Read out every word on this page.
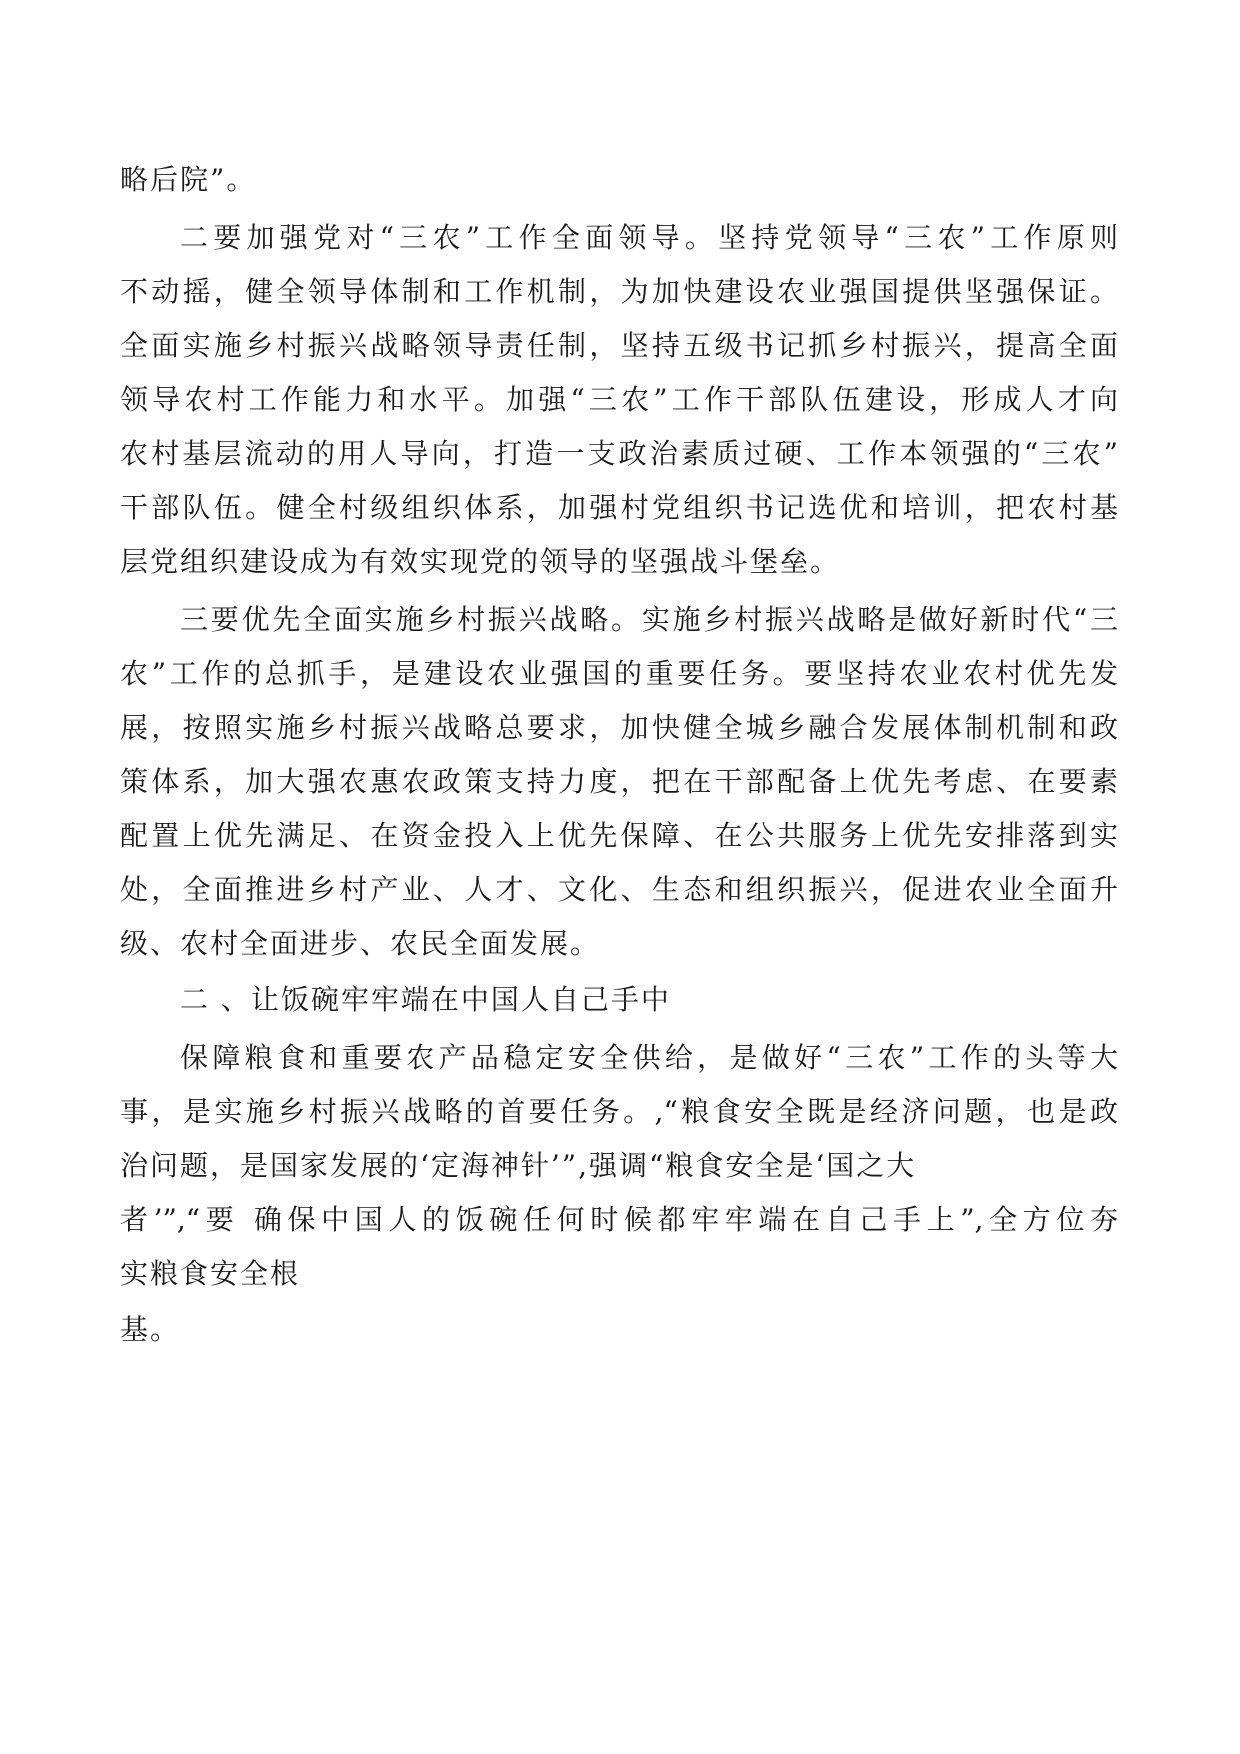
略后院”。
二要加强党对“三农”工作全面领导。坚持党领导“三农”工作原则
不动摇，健全领导体制和工作机制，为加快建设农业强国提供坚强保证。
全面实施乡村振兴战略领导责任制，坚持五级书记抓乡村振兴，提高全面
领导农村工作能力和水平。加强“三农”工作干部队伍建设，形成人才向
农村基层流动的用人导向，打造一支政治素质过硬、工作本领强的“三农”
干部队伍。健全村级组织体系，加强村党组织书记选优和培训，把农村基
层党组织建设成为有效实现党的领导的坚强战斗堡垒。
三要优先全面实施乡村振兴战略。实施乡村振兴战略是做好新时代“三
农”工作的总抓手，是建设农业强国的重要任务。要坚持农业农村优先发
展，按照实施乡村振兴战略总要求，加快健全城乡融合发展体制机制和政
策体系，加大强农惠农政策支持力度，把在干部配备上优先考虑、在要素
配置上优先满足、在资金投入上优先保障、在公共服务上优先安排落到实
处，全面推进乡村产业、人才、文化、生态和组织振兴，促进农业全面升
级、农村全面进步、农民全面发展。
二 、让饭碗牢牢端在中国人自己手中
保障粮食和重要农产品稳定安全供给，是做好“三农”工作的头等大
事，是实施乡村振兴战略的首要任务。,“粮食安全既是经济问题，也是政
治问题，是国家发展的‘定海神针’”,强调“粮食安全是‘国之大
者’”,“要 确保中国人的饭碗任何时候都牢牢端在自己手上”,全方位夯
实粮食安全根
基。
